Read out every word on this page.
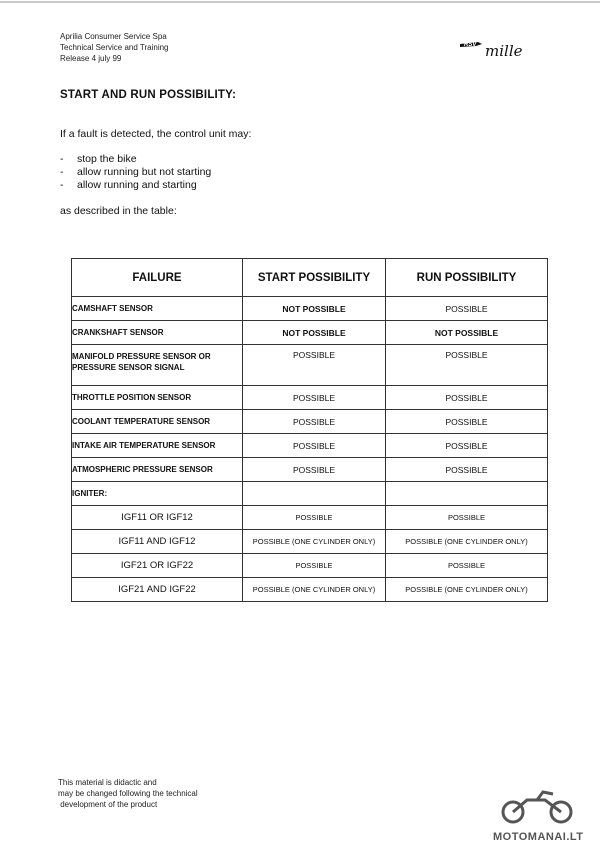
Aprilia Consumer Service Spa
Technical Service and Training
Release 4 july 99
RSV mille
START AND RUN POSSIBILITY:
If a fault is detected, the control unit may:
- stop the bike
- allow running but not starting
- allow running and starting
as described in the table:
FAILURE	START POSSIBILITY	RUN POSSIBILITY
CAMSHAFT SENSOR	NOT POSSIBLE	POSSIBLE
CRANKSHAFT SENSOR	NOT POSSIBLE	NOT POSSIBLE
MANIFOLD PRESSURE SENSOR OR PRESSURE SENSOR SIGNAL	POSSIBLE	POSSIBLE
THROTTLE POSITION SENSOR	POSSIBLE	POSSIBLE
COOLANT TEMPERATURE SENSOR	POSSIBLE	POSSIBLE
INTAKE AIR TEMPERATURE SENSOR	POSSIBLE	POSSIBLE
ATMOSPHERIC PRESSURE SENSOR	POSSIBLE	POSSIBLE
IGNITER:		
IGF11 OR IGF12	POSSIBLE	POSSIBLE
IGF11 AND IGF12	POSSIBLE (ONE CYLINDER ONLY)	POSSIBLE (ONE CYLINDER ONLY)
IGF21 OR IGF22	POSSIBLE	POSSIBLE
IGF21 AND IGF22	POSSIBLE (ONE CYLINDER ONLY)	POSSIBLE (ONE CYLINDER ONLY)
This material is didactic and
may be changed following the technical
development of the product
MOTOMANAI.LT
